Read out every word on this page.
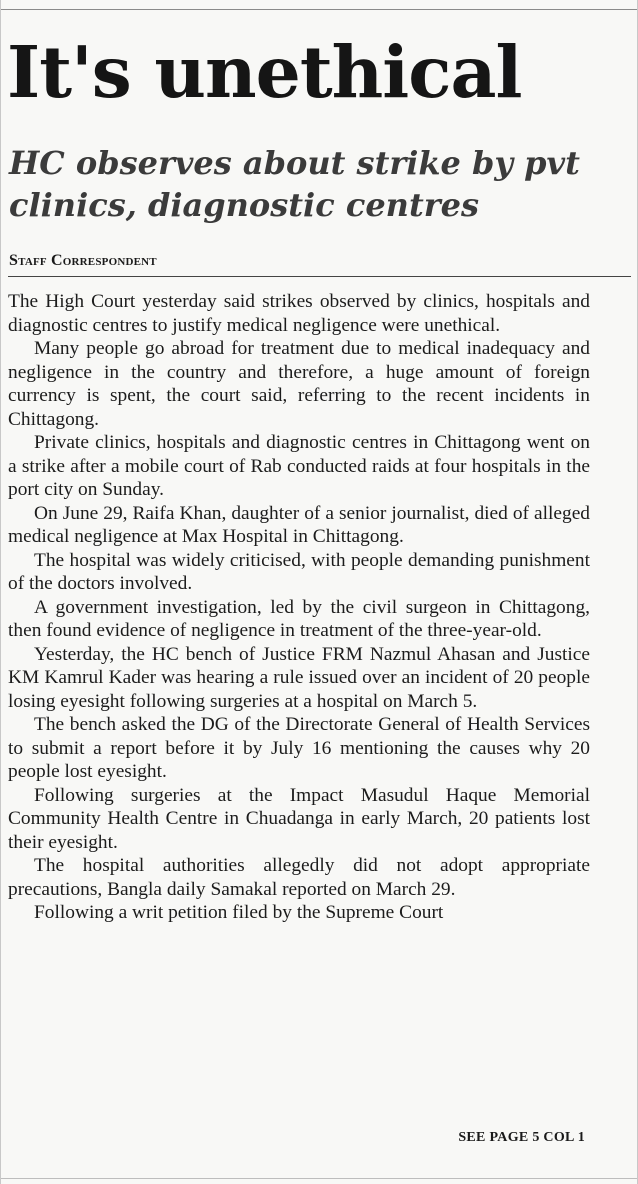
It's unethical
HC observes about strike by pvt clinics, diagnostic centres
Staff Correspondent

The High Court yesterday said strikes observed by clinics, hospitals and diagnostic centres to justify medical negligence were unethical.

Many people go abroad for treatment due to medical inadequacy and negligence in the country and therefore, a huge amount of foreign currency is spent, the court said, referring to the recent incidents in Chittagong.

Private clinics, hospitals and diagnostic centres in Chittagong went on a strike after a mobile court of Rab conducted raids at four hospitals in the port city on Sunday.

On June 29, Raifa Khan, daughter of a senior journalist, died of alleged medical negligence at Max Hospital in Chittagong.

The hospital was widely criticised, with people demanding punishment of the doctors involved.

A government investigation, led by the civil surgeon in Chittagong, then found evidence of negligence in treatment of the three-year-old.

Yesterday, the HC bench of Justice FRM Nazmul Ahasan and Justice KM Kamrul Kader was hearing a rule issued over an incident of 20 people losing eyesight following surgeries at a hospital on March 5.

The bench asked the DG of the Directorate General of Health Services to submit a report before it by July 16 mentioning the causes why 20 people lost eyesight.

Following surgeries at the Impact Masudul Haque Memorial Community Health Centre in Chuadanga in early March, 20 patients lost their eyesight.

The hospital authorities allegedly did not adopt appropriate precautions, Bangla daily Samakal reported on March 29.

Following a writ petition filed by the Supreme Court

SEE PAGE 5 COL 1
